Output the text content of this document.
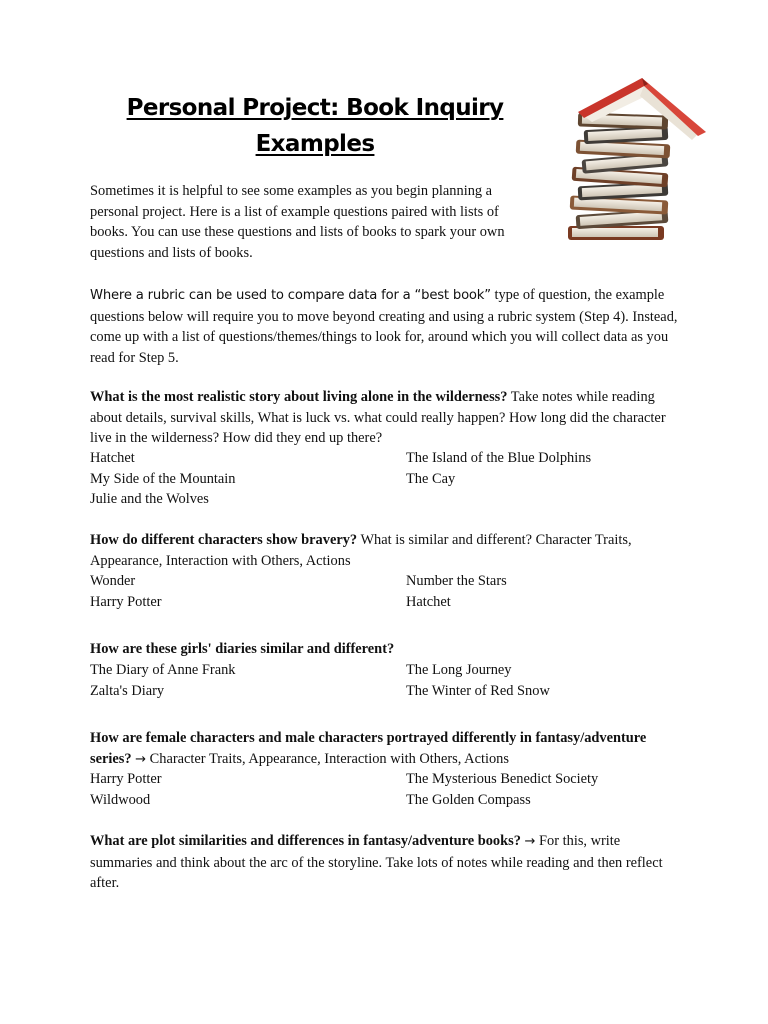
Personal Project: Book Inquiry
Examples

Sometimes it is helpful to see some examples as you begin planning a personal project. Here is a list of example questions paired with lists of books. You can use these questions and lists of books to spark your own questions and lists of books.

Where a rubric can be used to compare data for a “best book” type of question, the example questions below will require you to move beyond creating and using a rubric system (Step 4). Instead, come up with a list of questions/themes/things to look for, around which you will collect data as you read for Step 5.

What is the most realistic story about living alone in the wilderness? Take notes while reading about details, survival skills, What is luck vs. what could really happen? How long did the character live in the wilderness? How did they end up there?

Hatchet	The Island of the Blue Dolphins
My Side of the Mountain	The Cay
Julie and the Wolves

How do different characters show bravery? What is similar and different? Character Traits, Appearance, Interaction with Others, Actions

Wonder	Number the Stars
Harry Potter	Hatchet

How are these girls' diaries similar and different?

The Diary of Anne Frank	The Long Journey
Zalta's Diary	The Winter of Red Snow

How are female characters and male characters portrayed differently in fantasy/adventure series? → Character Traits, Appearance, Interaction with Others, Actions

Harry Potter	The Mysterious Benedict Society
Wildwood	The Golden Compass

What are plot similarities and differences in fantasy/adventure books? → For this, write summaries and think about the arc of the storyline. Take lots of notes while reading and then reflect after.
